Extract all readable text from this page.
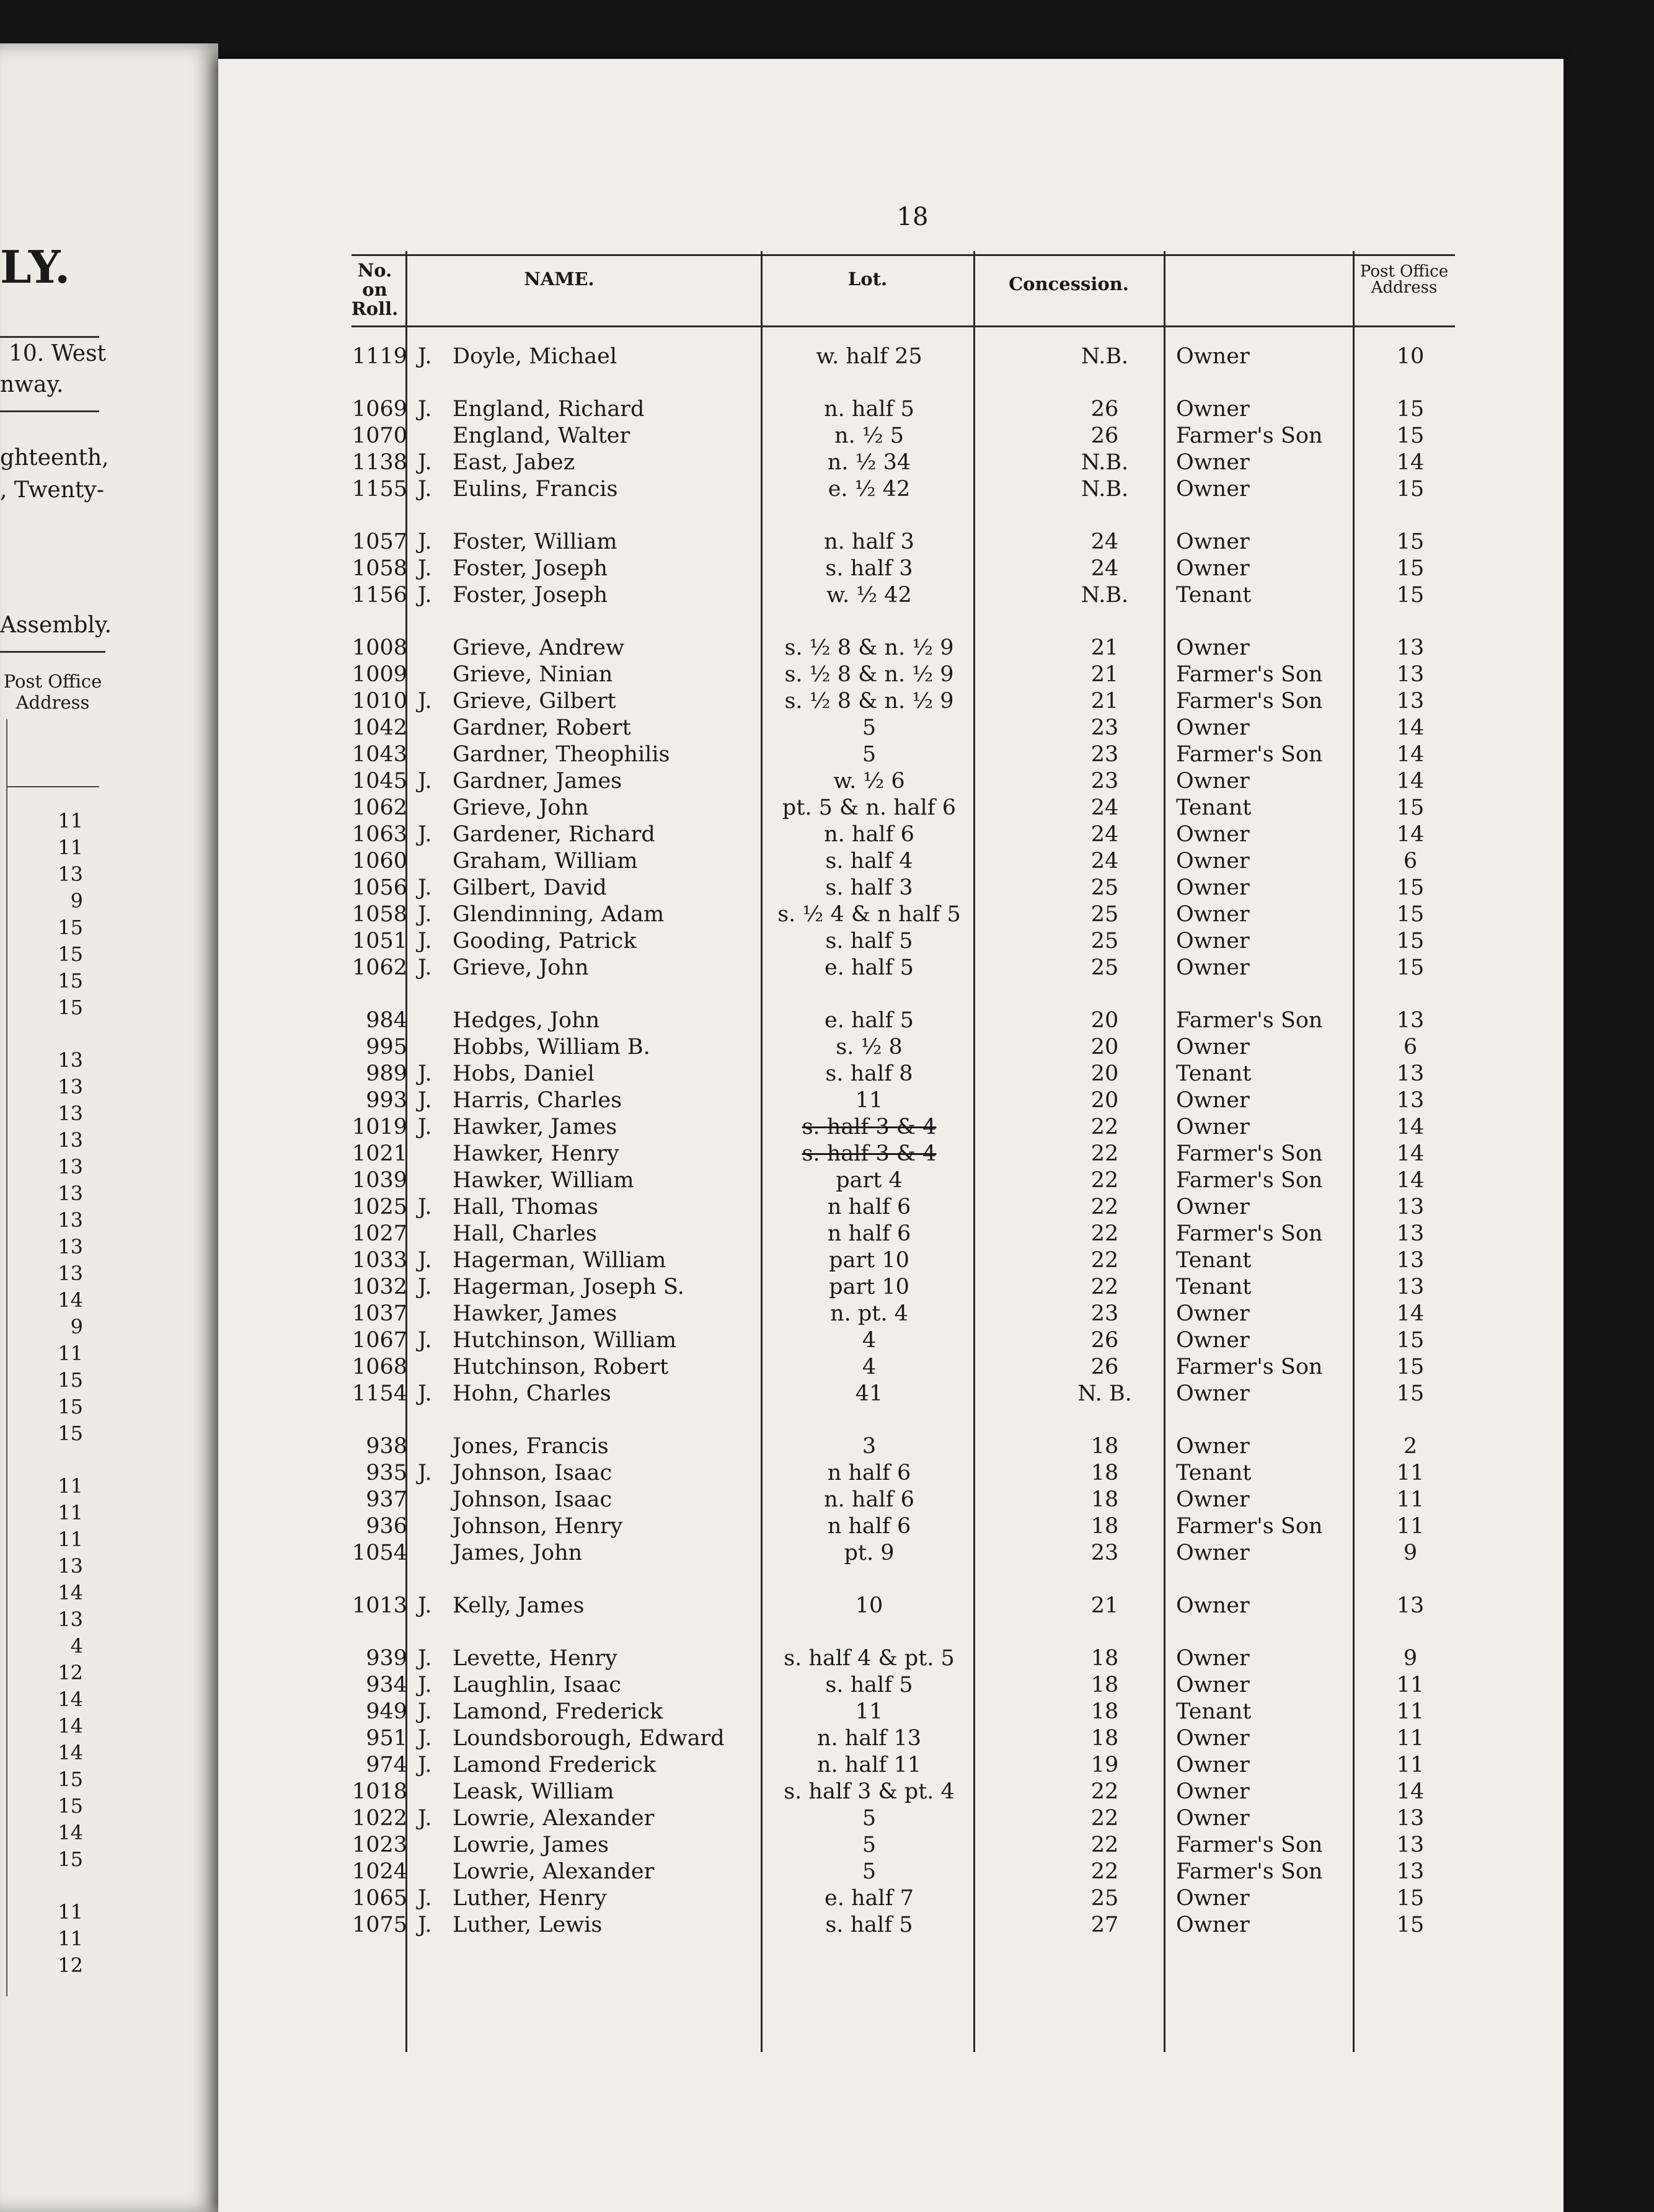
LY.
10. West
nway.
ghteenth,
, Twenty-
Assembly.
Post Office Address
11
11
13
9
15
15
15
15
13
13
13
13
13
13
13
13
13
14
9
11
15
15
15
11
11
11
13
14
13
4
12
14
14
14
15
15
14
15
11
11
12
18
No. on Roll.
NAME.	Lot.	Concession.
Post Office Address
1119 J. Doyle, Michael	w. half 25	N.B.	Owner	10
1069 J. England, Richard	n. half 5	26	Owner	15
1070 England, Walter	n. ½ 5	26	Farmer's Son	15
1138 J. East, Jabez	n. ½ 34	N.B.	Owner	14
1155 J. Eulins, Francis	e. ½ 42	N.B.	Owner	15
1057 J. Foster, William	n. half 3	24	Owner	15
1058 J. Foster, Joseph	s. half 3	24	Owner	15
1156 J. Foster, Joseph	w. ½ 42	N.B.	Tenant	15
1008 Grieve, Andrew	s. ½ 8 & n. ½ 9	21	Owner	13
1009 Grieve, Ninian	s. ½ 8 & n. ½ 9	21	Farmer's Son	13
1010 J. Grieve, Gilbert	s. ½ 8 & n. ½ 9	21	Farmer's Son	13
1042 Gardner, Robert	5	23	Owner	14
1043 Gardner, Theophilis	5	23	Farmer's Son	14
1045 J. Gardner, James	w. ½ 6	23	Owner	14
1062 Grieve, John	pt. 5 & n. half 6	24	Tenant	15
1063 J. Gardener, Richard	n. half 6	24	Owner	14
1060 Graham, William	s. half 4	24	Owner	6
1056 J. Gilbert, David	s. half 3	25	Owner	15
1058 J. Glendinning, Adam	s. ½ 4 & n half 5	25	Owner	15
1051 J. Gooding, Patrick	s. half 5	25	Owner	15
1062 J. Grieve, John	e. half 5	25	Owner	15
984 Hedges, John	e. half 5	20	Farmer's Son	13
995 Hobbs, William B.	s. ½ 8	20	Owner	6
989 J. Hobs, Daniel	s. half 8	20	Tenant	13
993 J. Harris, Charles	11	20	Owner	13
1019 J. Hawker, James	s. half 3 & 4	22	Owner	14
1021 Hawker, Henry	s. half 3 & 4	22	Farmer's Son	14
1039 Hawker, William	part 4	22	Farmer's Son	14
1025 J. Hall, Thomas	n half 6	22	Owner	13
1027 Hall, Charles	n half 6	22	Farmer's Son	13
1033 J. Hagerman, William	part 10	22	Tenant	13
1032 J. Hagerman, Joseph S.	part 10	22	Tenant	13
1037 Hawker, James	n. pt. 4	23	Owner	14
1067 J. Hutchinson, William	4	26	Owner	15
1068 Hutchinson, Robert	4	26	Farmer's Son	15
1154 J. Hohn, Charles	41	N. B.	Owner	15
938 Jones, Francis	3	18	Owner	2
935 J. Johnson, Isaac	n half 6	18	Tenant	11
937 Johnson, Isaac	n. half 6	18	Owner	11
936 Johnson, Henry	n half 6	18	Farmer's Son	11
1054 James, John	pt. 9	23	Owner	9
1013 J. Kelly, James	10	21	Owner	13
939 J. Levette, Henry	s. half 4 & pt. 5	18	Owner	9
934 J. Laughlin, Isaac	s. half 5	18	Owner	11
949 J. Lamond, Frederick	11	18	Tenant	11
951 J. Loundsborough, Edward	n. half 13	18	Owner	11
974 J. Lamond Frederick	n. half 11	19	Owner	11
1018 Leask, William	s. half 3 & pt. 4	22	Owner	14
1022 J. Lowrie, Alexander	5	22	Owner	13
1023 Lowrie, James	5	22	Farmer's Son	13
1024 Lowrie, Alexander	5	22	Farmer's Son	13
1065 J. Luther, Henry	e. half 7	25	Owner	15
1075 J. Luther, Lewis	s. half 5	27	Owner	15
